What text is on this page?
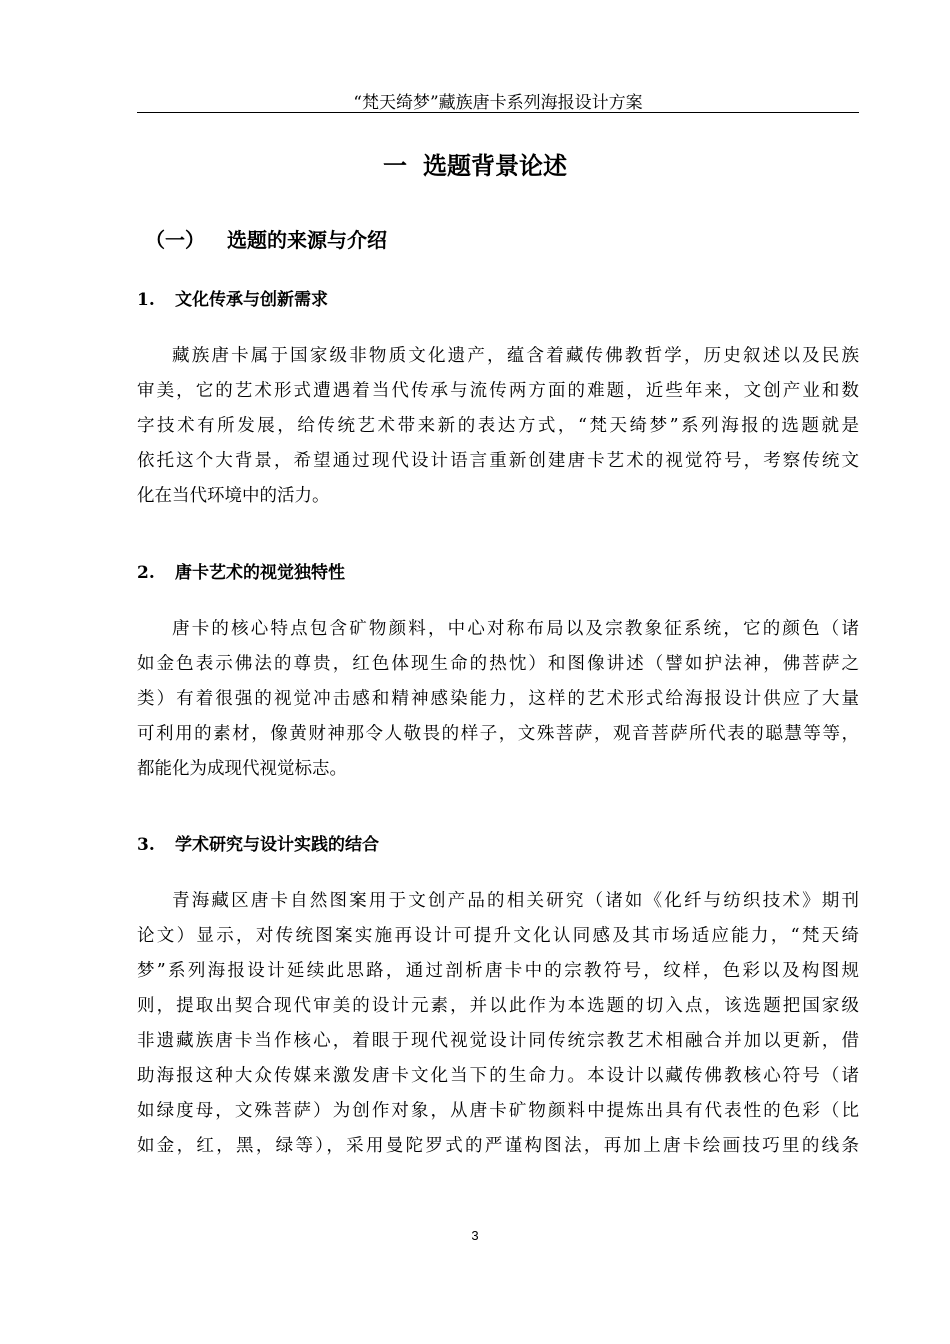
“梵天绮梦”藏族唐卡系列海报设计方案
一 选题背景论述
（一） 选题的来源与介绍
1. 文化传承与创新需求
藏族唐卡属于国家级非物质文化遗产，蕴含着藏传佛教哲学，历史叙述以及民族
审美，它的艺术形式遭遇着当代传承与流传两方面的难题，近些年来，文创产业和数
字技术有所发展，给传统艺术带来新的表达方式，“梵天绮梦”系列海报的选题就是
依托这个大背景，希望通过现代设计语言重新创建唐卡艺术的视觉符号，考察传统文
化在当代环境中的活力。
2. 唐卡艺术的视觉独特性
唐卡的核心特点包含矿物颜料，中心对称布局以及宗教象征系统，它的颜色（诸
如金色表示佛法的尊贵，红色体现生命的热忱）和图像讲述（譬如护法神，佛菩萨之
类）有着很强的视觉冲击感和精神感染能力，这样的艺术形式给海报设计供应了大量
可利用的素材，像黄财神那令人敬畏的样子，文殊菩萨，观音菩萨所代表的聪慧等等，
都能化为成现代视觉标志。
3. 学术研究与设计实践的结合
青海藏区唐卡自然图案用于文创产品的相关研究（诸如《化纤与纺织技术》期刊
论文）显示，对传统图案实施再设计可提升文化认同感及其市场适应能力，“梵天绮
梦”系列海报设计延续此思路，通过剖析唐卡中的宗教符号，纹样，色彩以及构图规
则，提取出契合现代审美的设计元素，并以此作为本选题的切入点，该选题把国家级
非遗藏族唐卡当作核心，着眼于现代视觉设计同传统宗教艺术相融合并加以更新，借
助海报这种大众传媒来激发唐卡文化当下的生命力。本设计以藏传佛教核心符号（诸
如绿度母，文殊菩萨）为创作对象，从唐卡矿物颜料中提炼出具有代表性的色彩（比
如金，红，黑，绿等），采用曼陀罗式的严谨构图法，再加上唐卡绘画技巧里的线条
3
